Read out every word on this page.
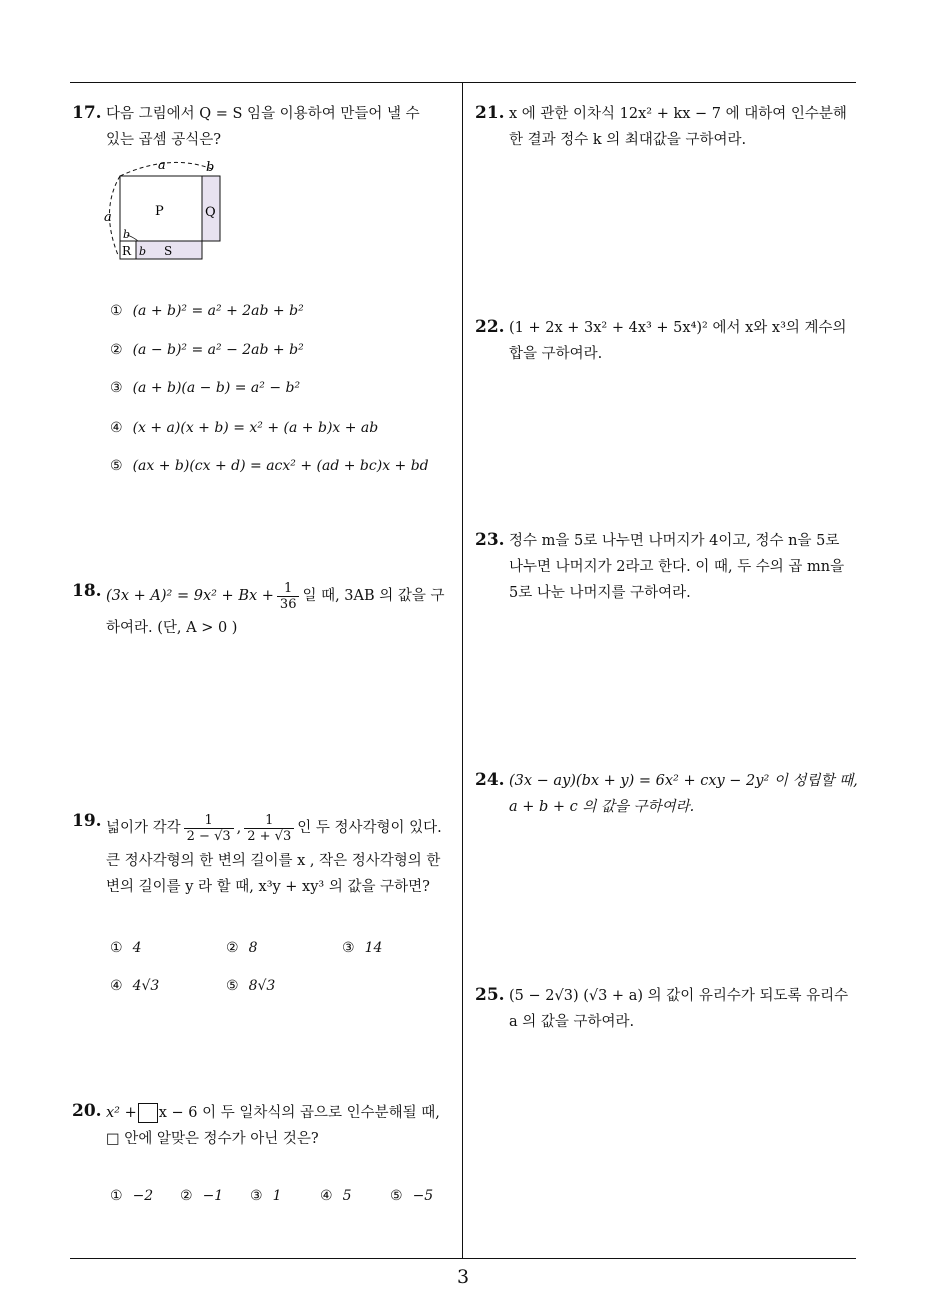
3
17. 다음 그림에서 Q = S 임을 이용하여 만들어 낼 수
있는 곱셈 공식은?
a	b
a	P	Q
R	S
b
b
① (a + b)² = a² + 2ab + b²
② (a − b)² = a² − 2ab + b²
③ (a + b)(a − b) = a² − b²
④ (x + a)(x + b) = x² + (a + b)x + ab
⑤ (ax + b)(cx + d) = acx² + (ad + bc)x + bd
18. $(3x + A)^2 = 9x^2 + Bx + \frac{1}{36}$ 일 때, 3AB 의 값을 구
하여라. (단, A > 0 )
19. 넓이가 각각 $\frac{1}{2 - √3}$ , $\frac{1}{2 + √3}$ 인 두 정사각형이 있다.
큰 정사각형의 한 변의 길이를 x , 작은 정사각형의 한
변의 길이를 y 라 할 때, x³y + xy³ 의 값을 구하면?
① 4	② 8	③ 14
④ 4√3	⑤ 8√3
20. x² + x − 6 이 두 일차식의 곱으로 인수분해될 때,
□ 안에 알맞은 정수가 아닌 것은?
① −2 ② −1 ③ 1	④ 5	⑤ −5
21. x 에 관한 이차식 12x² + kx − 7 에 대하여 인수분해
한 결과 정수 k 의 최대값을 구하여라.
22. (1 + 2x + 3x² + 4x³ + 5x⁴)² 에서 x와 x³의 계수의
합을 구하여라.
23. 정수 m을 5로 나누면 나머지가 4이고, 정수 n을 5로
나누면 나머지가 2라고 한다. 이 때, 두 수의 곱 mn을
5로 나눈 나머지를 구하여라.
24. (3x − ay)(bx + y) = 6x² + cxy − 2y² 이 성립할 때,
a + b + c 의 값을 구하여라.
25. (5 − 2√3) (√3 + a) 의 값이 유리수가 되도록 유리수
a 의 값을 구하여라.
